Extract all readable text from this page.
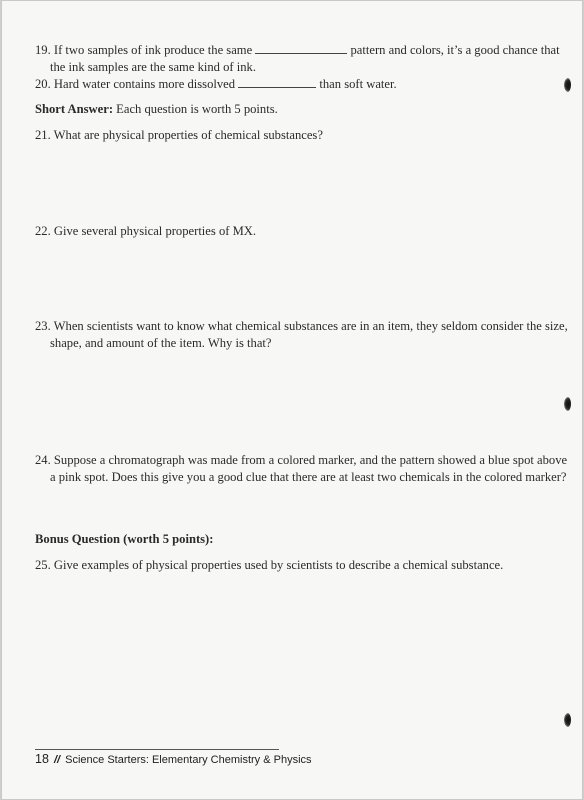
19. If two samples of ink produce the same	pattern and colors, it’s a good chance that the ink samples are the same kind of ink.
20. Hard water contains more dissolved	than soft water.
Short Answer: Each question is worth 5 points.
21. What are physical properties of chemical substances?
22. Give several physical properties of MX.
23. When scientists want to know what chemical substances are in an item, they seldom consider the size, shape, and amount of the item. Why is that?
24. Suppose a chromatograph was made from a colored marker, and the pattern showed a blue spot above a pink spot. Does this give you a good clue that there are at least two chemicals in the colored marker?
Bonus Question (worth 5 points):
25. Give examples of physical properties used by scientists to describe a chemical substance.
18 // Science Starters: Elementary Chemistry & Physics
